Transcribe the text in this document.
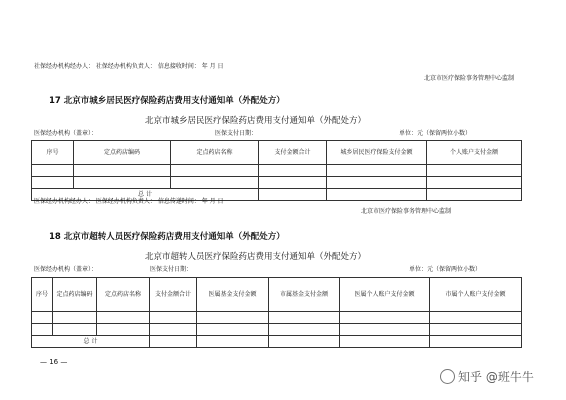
社保经办机构经办人： 社保经办机构负责人： 信息接收时间： 年 月 日
北京市医疗保险事务管理中心监制
17 北京市城乡居民医疗保险药店费用支付通知单（外配处方）
北京市城乡居民医疗保险药店费用支付通知单（外配处方）
医保经办机构（盖章）：	医保支付日期：	单位：元（保留两位小数）
序号	定点药店编码	定点药店名称	支付金额合计	城乡居民医疗保险支付金额	个人账户支付金额

总 计					
医保经办机构经办人： 医保经办机构负责人： 信息传递时间： 年 月 日
北京市医疗保险事务管理中心监制
18 北京市超转人员医疗保险药店费用支付通知单（外配处方）
北京市超转人员医疗保险药店费用支付通知单（外配处方）
医保经办机构（盖章）：	医保支付日期：	单位：元（保留两位小数）
序号	定点药店编码	定点药店名称	支付金额合计	医属基金支付金额	市属基金支付金额	医属个人账户支付金额	市属个人账户支付金额

总 计							
— 16 —
知乎 @班牛牛
